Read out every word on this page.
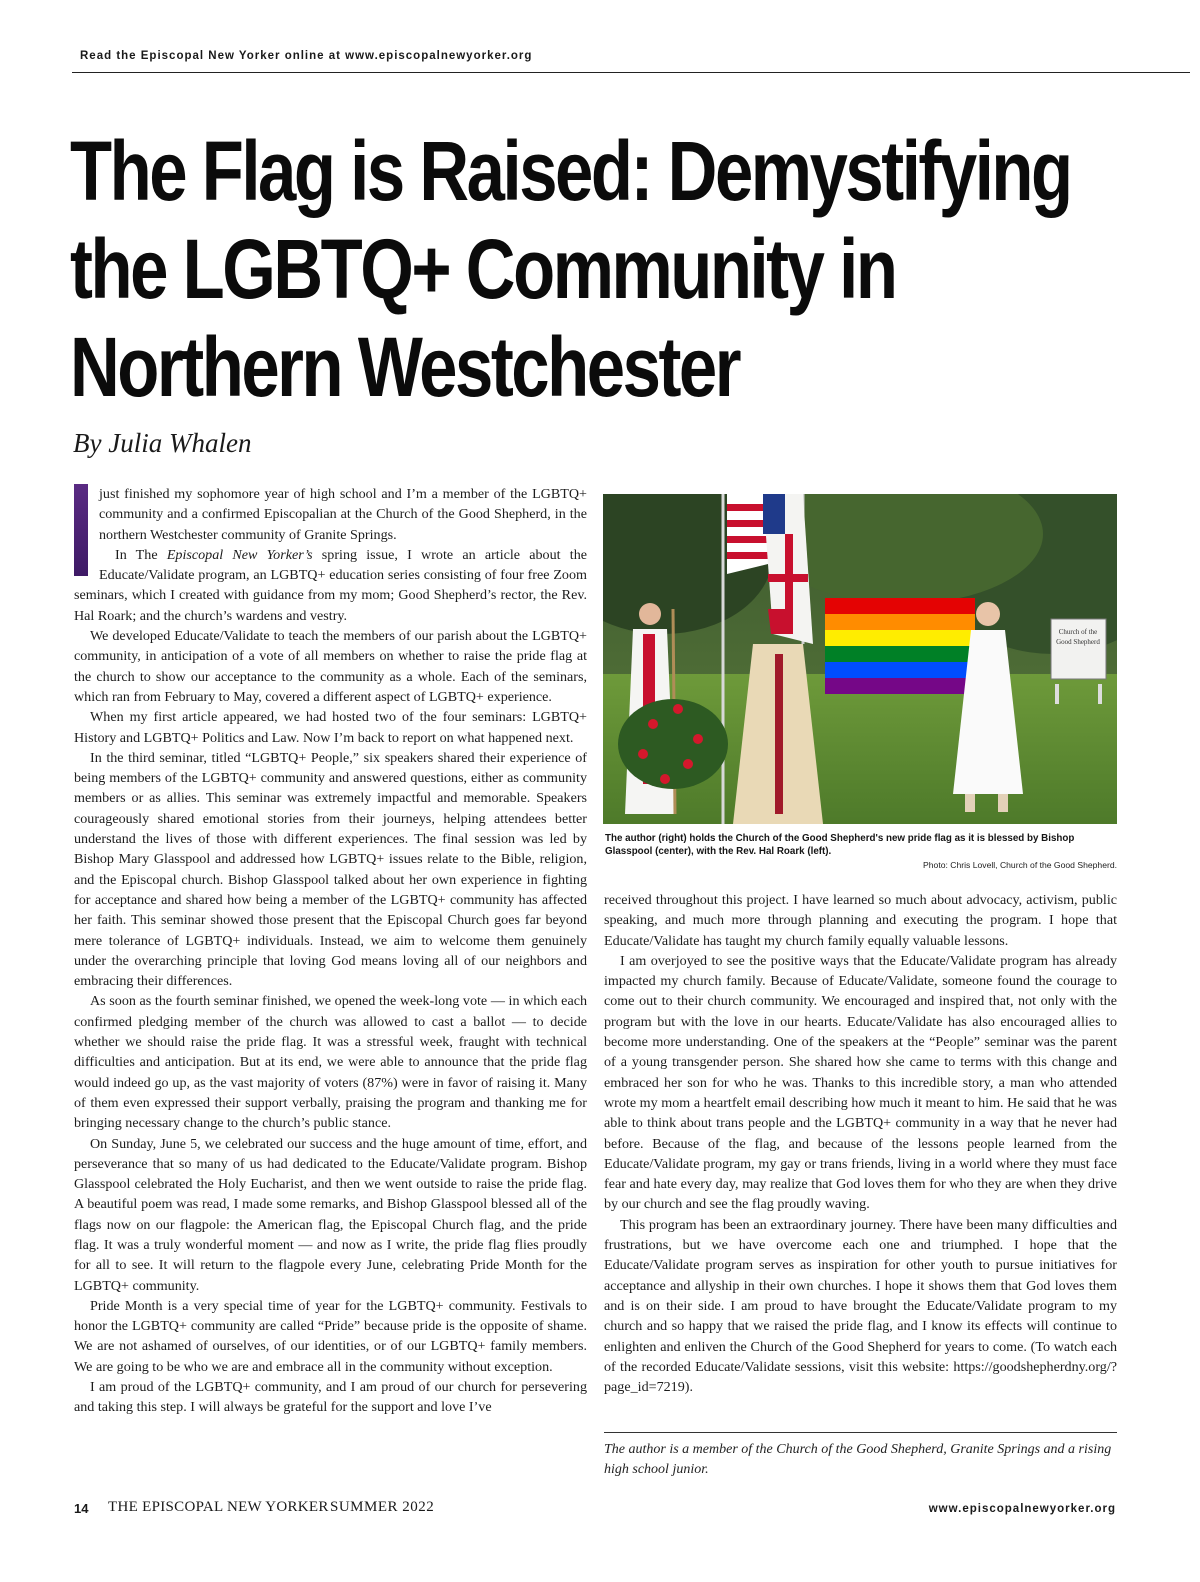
Read the Episcopal New Yorker online at www.episcopalnewyorker.org
The Flag is Raised: Demystifying
the LGBTQ+ Community in
Northern Westchester
By Julia Whalen

just finished my sophomore year of high school and I’m a member of the LGBTQ+ community and a confirmed Episcopalian at the Church of the Good Shepherd, in the northern Westchester community of Granite Springs.

In The Episcopal New Yorker’s spring issue, I wrote an article about the Educate/Validate program, an LGBTQ+ education series consisting of four free Zoom seminars, which I created with guidance from my mom; Good Shepherd’s rector, the Rev. Hal Roark; and the church’s wardens and vestry.

We developed Educate/Validate to teach the members of our parish about the LGBTQ+ community, in anticipation of a vote of all members on whether to raise the pride flag at the church to show our acceptance to the community as a whole. Each of the seminars, which ran from February to May, covered a different aspect of LGBTQ+ experience.

When my first article appeared, we had hosted two of the four seminars: LGBTQ+ History and LGBTQ+ Politics and Law. Now I’m back to report on what happened next.

In the third seminar, titled “LGBTQ+ People,” six speakers shared their experience of being members of the LGBTQ+ community and answered questions, either as community members or as allies. This seminar was extremely impactful and memorable. Speakers courageously shared emotional stories from their journeys, helping attendees better understand the lives of those with different experiences. The final session was led by Bishop Mary Glasspool and addressed how LGBTQ+ issues relate to the Bible, religion, and the Episcopal church. Bishop Glasspool talked about her own experience in fighting for acceptance and shared how being a member of the LGBTQ+ community has affected her faith. This seminar showed those present that the Episcopal Church goes far beyond mere tolerance of LGBTQ+ individuals. Instead, we aim to welcome them genuinely under the overarching principle that loving God means loving all of our neighbors and embracing their differences.

As soon as the fourth seminar finished, we opened the week-long vote — in which each confirmed pledging member of the church was allowed to cast a ballot — to decide whether we should raise the pride flag. It was a stressful week, fraught with technical difficulties and anticipation. But at its end, we were able to announce that the pride flag would indeed go up, as the vast majority of voters (87%) were in favor of raising it. Many of them even expressed their support verbally, praising the program and thanking me for bringing necessary change to the church’s public stance.

On Sunday, June 5, we celebrated our success and the huge amount of time, effort, and perseverance that so many of us had dedicated to the Educate/Validate program. Bishop Glasspool celebrated the Holy Eucharist, and then we went outside to raise the pride flag. A beautiful poem was read, I made some remarks, and Bishop Glasspool blessed all of the flags now on our flagpole: the American flag, the Episcopal Church flag, and the pride flag. It was a truly wonderful moment — and now as I write, the pride flag flies proudly for all to see. It will return to the flagpole every June, celebrating Pride Month for the LGBTQ+ community.

Pride Month is a very special time of year for the LGBTQ+ community. Festivals to honor the LGBTQ+ community are called “Pride” because pride is the opposite of shame. We are not ashamed of ourselves, of our identities, or of our LGBTQ+ family members. We are going to be who we are and embrace all in the community without exception.

I am proud of the LGBTQ+ community, and I am proud of our church for persevering and taking this step. I will always be grateful for the support and love I’ve

Church of the
Good Shepherd
The author (right) holds the Church of the Good Shepherd's new pride flag as it is blessed by Bishop Glasspool (center), with the Rev. Hal Roark (left).
Photo: Chris Lovell, Church of the Good Shepherd.

received throughout this project. I have learned so much about advocacy, activism, public speaking, and much more through planning and executing the program. I hope that Educate/Validate has taught my church family equally valuable lessons.

I am overjoyed to see the positive ways that the Educate/Validate program has already impacted my church family. Because of Educate/Validate, someone found the courage to come out to their church community. We encouraged and inspired that, not only with the program but with the love in our hearts. Educate/Validate has also encouraged allies to become more understanding. One of the speakers at the “People” seminar was the parent of a young transgender person. She shared how she came to terms with this change and embraced her son for who he was. Thanks to this incredible story, a man who attended wrote my mom a heartfelt email describing how much it meant to him. He said that he was able to think about trans people and the LGBTQ+ community in a way that he never had before. Because of the flag, and because of the lessons people learned from the Educate/Validate program, my gay or trans friends, living in a world where they must face fear and hate every day, may realize that God loves them for who they are when they drive by our church and see the flag proudly waving.

This program has been an extraordinary journey. There have been many difficulties and frustrations, but we have overcome each one and triumphed. I hope that the Educate/Validate program serves as inspiration for other youth to pursue initiatives for acceptance and allyship in their own churches. I hope it shows them that God loves them and is on their side. I am proud to have brought the Educate/Validate program to my church and so happy that we raised the pride flag, and I know its effects will continue to enlighten and enliven the Church of the Good Shepherd for years to come. (To watch each of the recorded Educate/Validate sessions, visit this website: https://goodshepherdny.org/?page_id=7219).

The author is a member of the Church of the Good Shepherd, Granite Springs and a rising high school junior.
14 THE EPISCOPAL NEW YORKER SUMMER 2022	www.episcopalnewyorker.org
